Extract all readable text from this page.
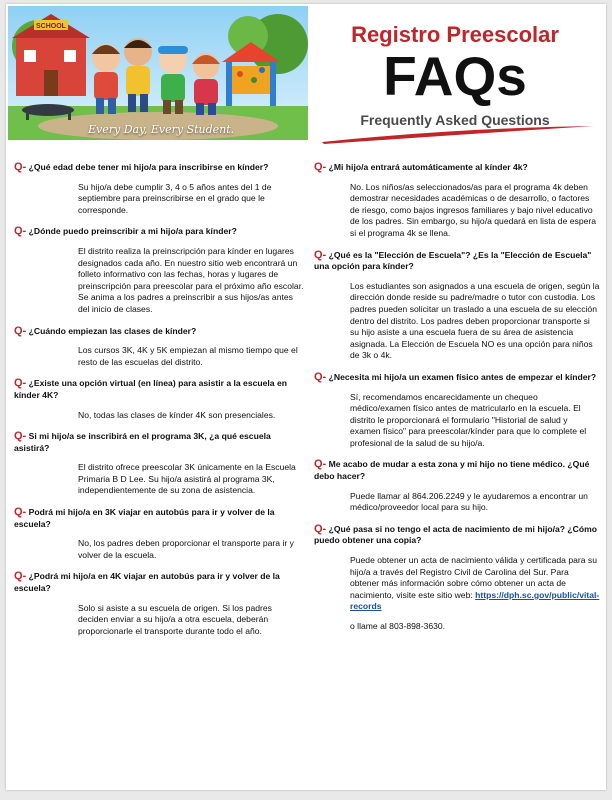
SCHOOL
Every Day, Every Student.
Registro Preescolar
FAQs
Frequently Asked Questions
Q- ¿Qué edad debe tener mi hijo/a para inscribirse en kínder?
Su hijo/a debe cumplir 3, 4 o 5 años antes del 1 de septiembre para preinscribirse en el grado que le corresponde.
Q- ¿Dónde puedo preinscribir a mi hijo/a para kínder?
El distrito realiza la preinscripción para kínder en lugares designados cada año. En nuestro sitio web encontrará un folleto informativo con las fechas, horas y lugares de preinscripción para preescolar para el próximo año escolar. Se anima a los padres a preinscribir a sus hijos/as antes del inicio de clases.
Q- ¿Cuándo empiezan las clases de kínder?
Los cursos 3K, 4K y 5K empiezan al mismo tiempo que el resto de las escuelas del distrito.
Q- ¿Existe una opción virtual (en línea) para asistir a la escuela en kínder 4K?
No, todas las clases de kínder 4K son presenciales.
Q- Si mi hijo/a se inscribirá en el programa 3K, ¿a qué escuela asistirá?
El distrito ofrece preescolar 3K únicamente en la Escuela Primaria B D Lee. Su hijo/a asistirá al programa 3K, independientemente de su zona de asistencia.
Q- Podrá mi hijo/a en 3K viajar en autobús para ir y volver de la escuela?
No, los padres deben proporcionar el transporte para ir y volver de la escuela.
Q- ¿Podrá mi hijo/a en 4K viajar en autobús para ir y volver de la escuela?
Solo si asiste a su escuela de origen. Si los padres deciden enviar a su hijo/a a otra escuela, deberán proporcionarle el transporte durante todo el año.
Q- ¿Mi hijo/a entrará automáticamente al kínder 4k?
No. Los niños/as seleccionados/as para el programa 4k deben demostrar necesidades académicas o de desarrollo, o factores de riesgo, como bajos ingresos familiares y bajo nivel educativo de los padres. Sin embargo, su hijo/a quedará en lista de espera si el programa 4k se llena.
Q- ¿Qué es la "Elección de Escuela"? ¿Es la "Elección de Escuela" una opción para kínder?
Los estudiantes son asignados a una escuela de origen, según la dirección donde reside su padre/madre o tutor con custodia. Los padres pueden solicitar un traslado a una escuela de su elección dentro del distrito. Los padres deben proporcionar transporte si su hijo asiste a una escuela fuera de su área de asistencia asignada. La Elección de Escuela NO es una opción para niños de 3k o 4k.
Q- ¿Necesita mi hijo/a un examen físico antes de empezar el kínder?
Sí, recomendamos encarecidamente un chequeo médico/examen físico antes de matricularlo en la escuela. El distrito le proporcionará el formulario "Historial de salud y examen físico" para preescolar/kínder para que lo complete el profesional de la salud de su hijo/a.
Q- Me acabo de mudar a esta zona y mi hijo no tiene médico. ¿Qué debo hacer?
Puede llamar al 864.206.2249 y le ayudaremos a encontrar un médico/proveedor local para su hijo.
Q- ¿Qué pasa si no tengo el acta de nacimiento de mi hijo/a? ¿Cómo puedo obtener una copia?
Puede obtener un acta de nacimiento válida y certificada para su hijo/a a través del Registro Civil de Carolina del Sur. Para obtener más información sobre cómo obtener un acta de nacimiento, visite este sitio web: https://dph.sc.gov/public/vital-records
o llame al 803-898-3630.
